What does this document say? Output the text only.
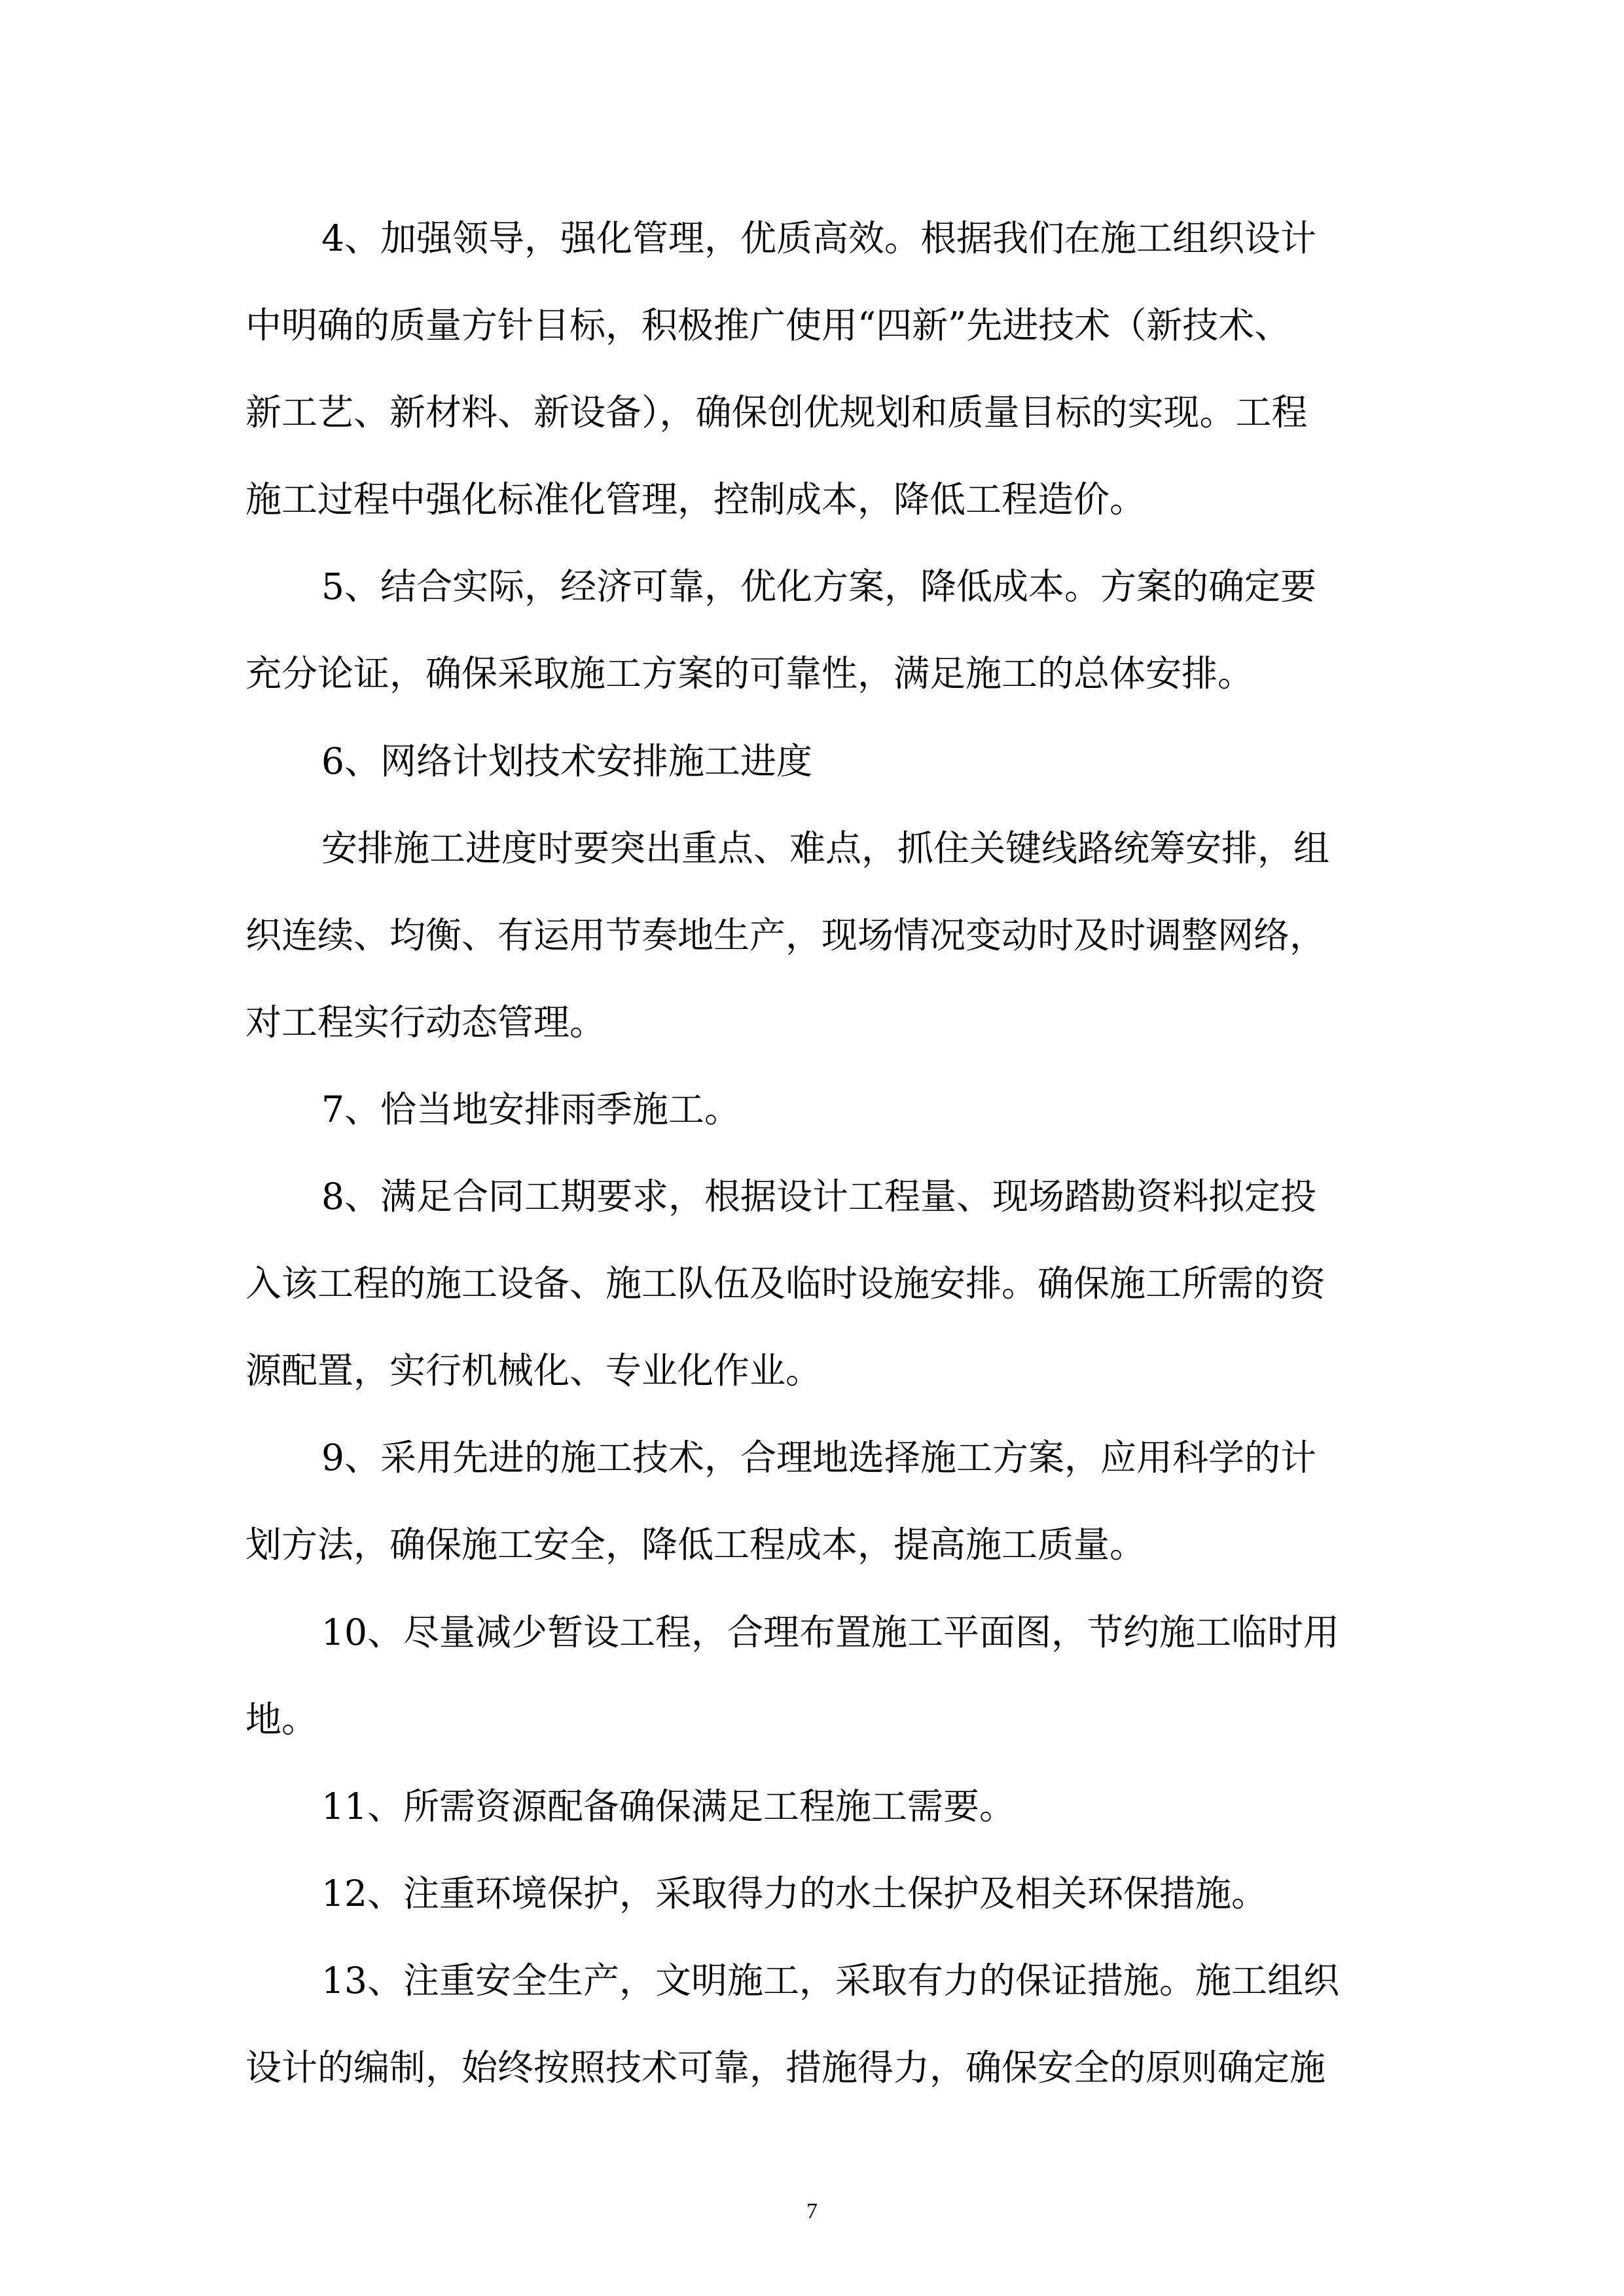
4、加强领导，强化管理，优质高效。根据我们在施工组织设计
中明确的质量方针目标，积极推广使用“四新”先进技术（新技术、
新工艺、新材料、新设备），确保创优规划和质量目标的实现。工程
施工过程中强化标准化管理，控制成本，降低工程造价。
5、结合实际，经济可靠，优化方案，降低成本。方案的确定要
充分论证，确保采取施工方案的可靠性，满足施工的总体安排。
6、网络计划技术安排施工进度
安排施工进度时要突出重点、难点，抓住关键线路统筹安排，组
织连续、均衡、有运用节奏地生产，现场情况变动时及时调整网络，
对工程实行动态管理。
7、恰当地安排雨季施工。
8、满足合同工期要求，根据设计工程量、现场踏勘资料拟定投
入该工程的施工设备、施工队伍及临时设施安排。确保施工所需的资
源配置，实行机械化、专业化作业。
9、采用先进的施工技术，合理地选择施工方案，应用科学的计
划方法，确保施工安全，降低工程成本，提高施工质量。
10、尽量减少暂设工程，合理布置施工平面图，节约施工临时用
地。
11、所需资源配备确保满足工程施工需要。
12、注重环境保护，采取得力的水土保护及相关环保措施。
13、注重安全生产，文明施工，采取有力的保证措施。施工组织
设计的编制，始终按照技术可靠，措施得力，确保安全的原则确定施
7
